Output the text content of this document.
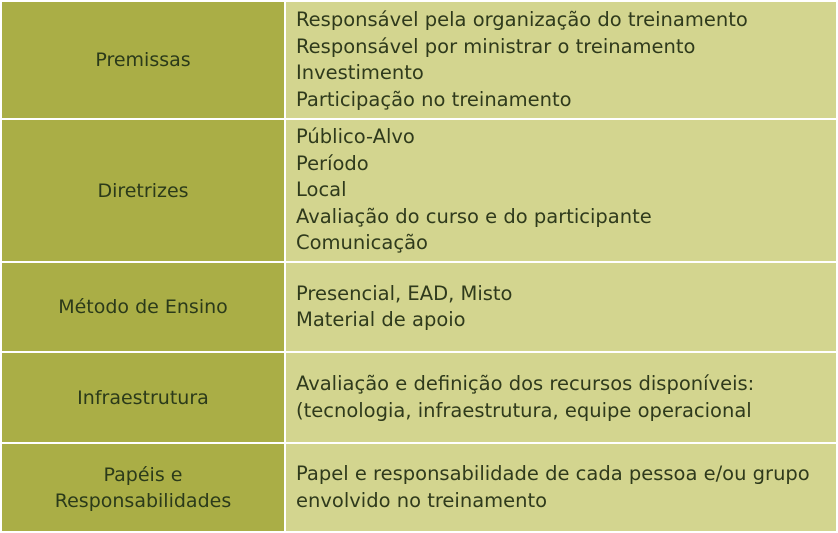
Premissas	Responsável pela organização do treinamento
Responsável por ministrar o treinamento
Investimento
Participação no treinamento

Diretrizes	Público-Alvo
Período
Local
Avaliação do curso e do participante
Comunicação

Método de Ensino	Presencial, EAD, Misto
Material de apoio

Infraestrutura	Avaliação e definição dos recursos disponíveis:
(tecnologia, infraestrutura, equipe operacional

Papéis e
Responsabilidades	Papel e responsabilidade de cada pessoa e/ou grupo
envolvido no treinamento
